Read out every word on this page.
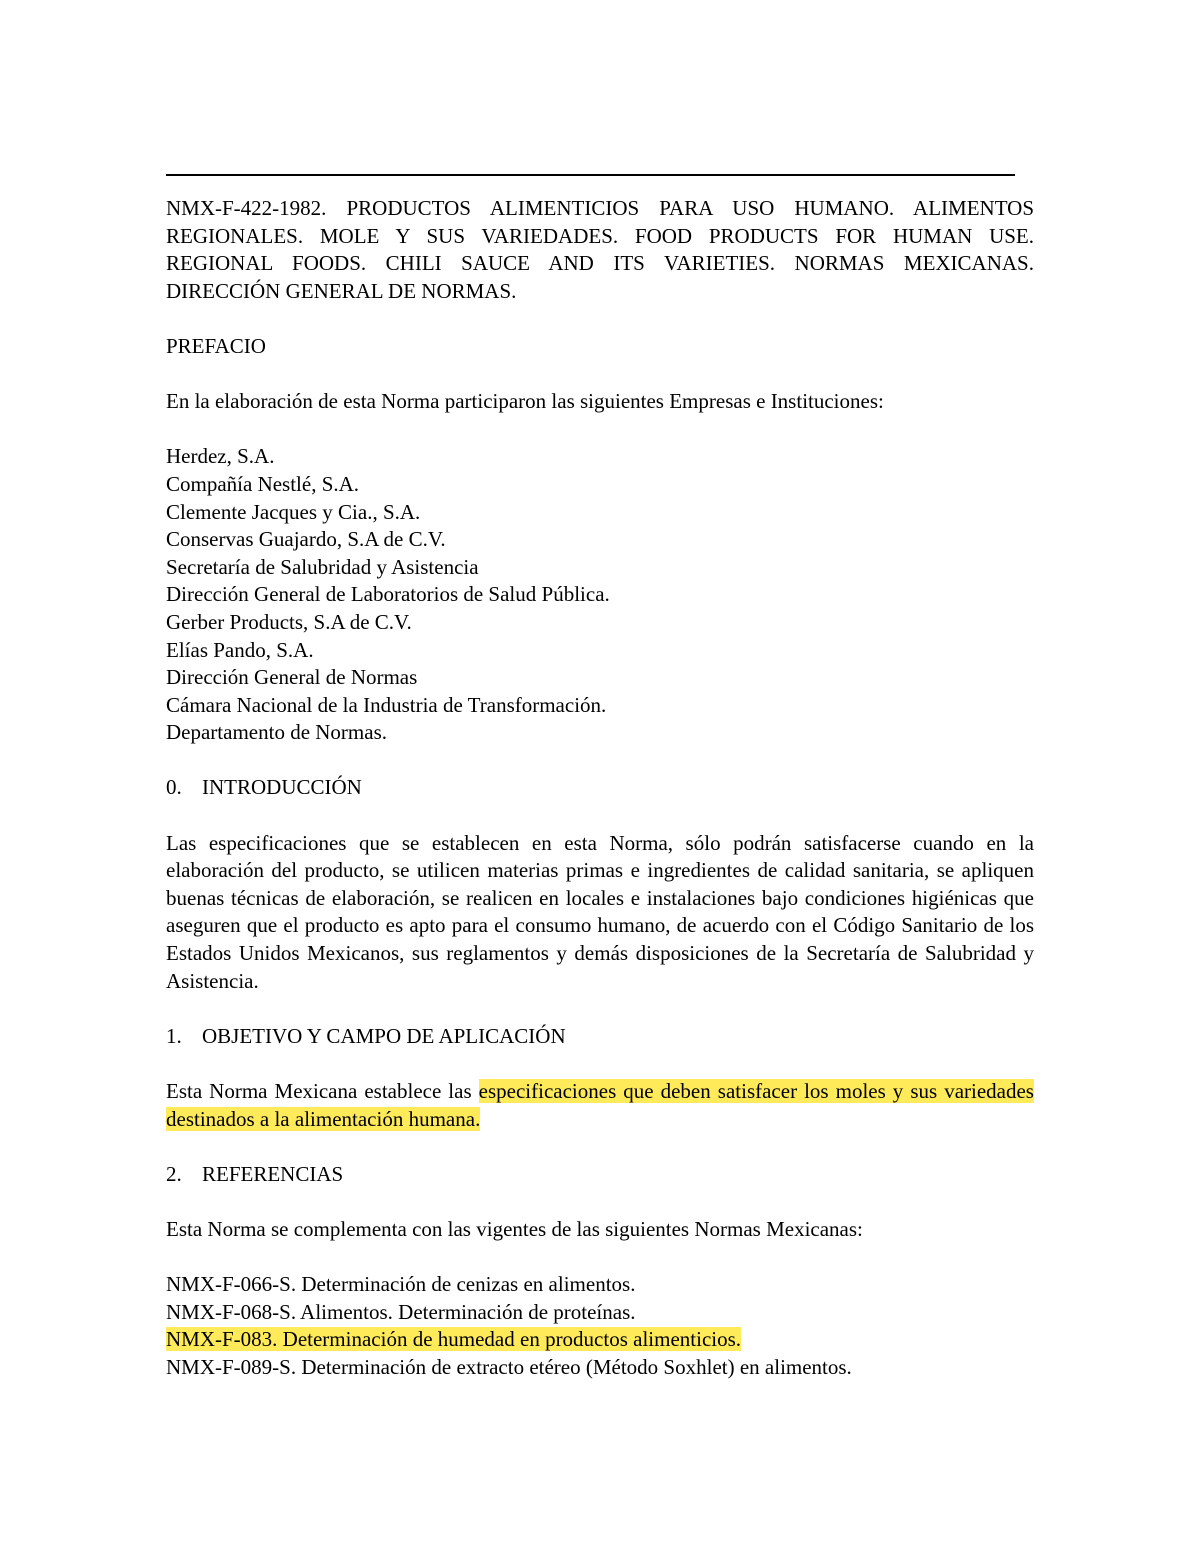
NMX-F-422-1982. PRODUCTOS ALIMENTICIOS PARA USO HUMANO. ALIMENTOS REGIONALES. MOLE Y SUS VARIEDADES. FOOD PRODUCTS FOR HUMAN USE. REGIONAL FOODS. CHILI SAUCE AND ITS VARIETIES. NORMAS MEXICANAS. DIRECCIÓN GENERAL DE NORMAS.

PREFACIO

En la elaboración de esta Norma participaron las siguientes Empresas e Instituciones:

Herdez, S.A.

Compañía Nestlé, S.A.

Clemente Jacques y Cia., S.A.

Conservas Guajardo, S.A de C.V.

Secretaría de Salubridad y Asistencia

Dirección General de Laboratorios de Salud Pública.

Gerber Products, S.A de C.V.

Elías Pando, S.A.

Dirección General de Normas

Cámara Nacional de la Industria de Transformación.

Departamento de Normas.

0. INTRODUCCIÓN

Las especificaciones que se establecen en esta Norma, sólo podrán satisfacerse cuando en la elaboración del producto, se utilicen materias primas e ingredientes de calidad sanitaria, se apliquen buenas técnicas de elaboración, se realicen en locales e instalaciones bajo condiciones higiénicas que aseguren que el producto es apto para el consumo humano, de acuerdo con el Código Sanitario de los Estados Unidos Mexicanos, sus reglamentos y demás disposiciones de la Secretaría de Salubridad y Asistencia.

1. OBJETIVO Y CAMPO DE APLICACIÓN

Esta Norma Mexicana establece las especificaciones que deben satisfacer los moles y sus variedades destinados a la alimentación humana.

2. REFERENCIAS

Esta Norma se complementa con las vigentes de las siguientes Normas Mexicanas:

NMX-F-066-S. Determinación de cenizas en alimentos.

NMX-F-068-S. Alimentos. Determinación de proteínas.

NMX-F-083. Determinación de humedad en productos alimenticios.

NMX-F-089-S. Determinación de extracto etéreo (Método Soxhlet) en alimentos.
